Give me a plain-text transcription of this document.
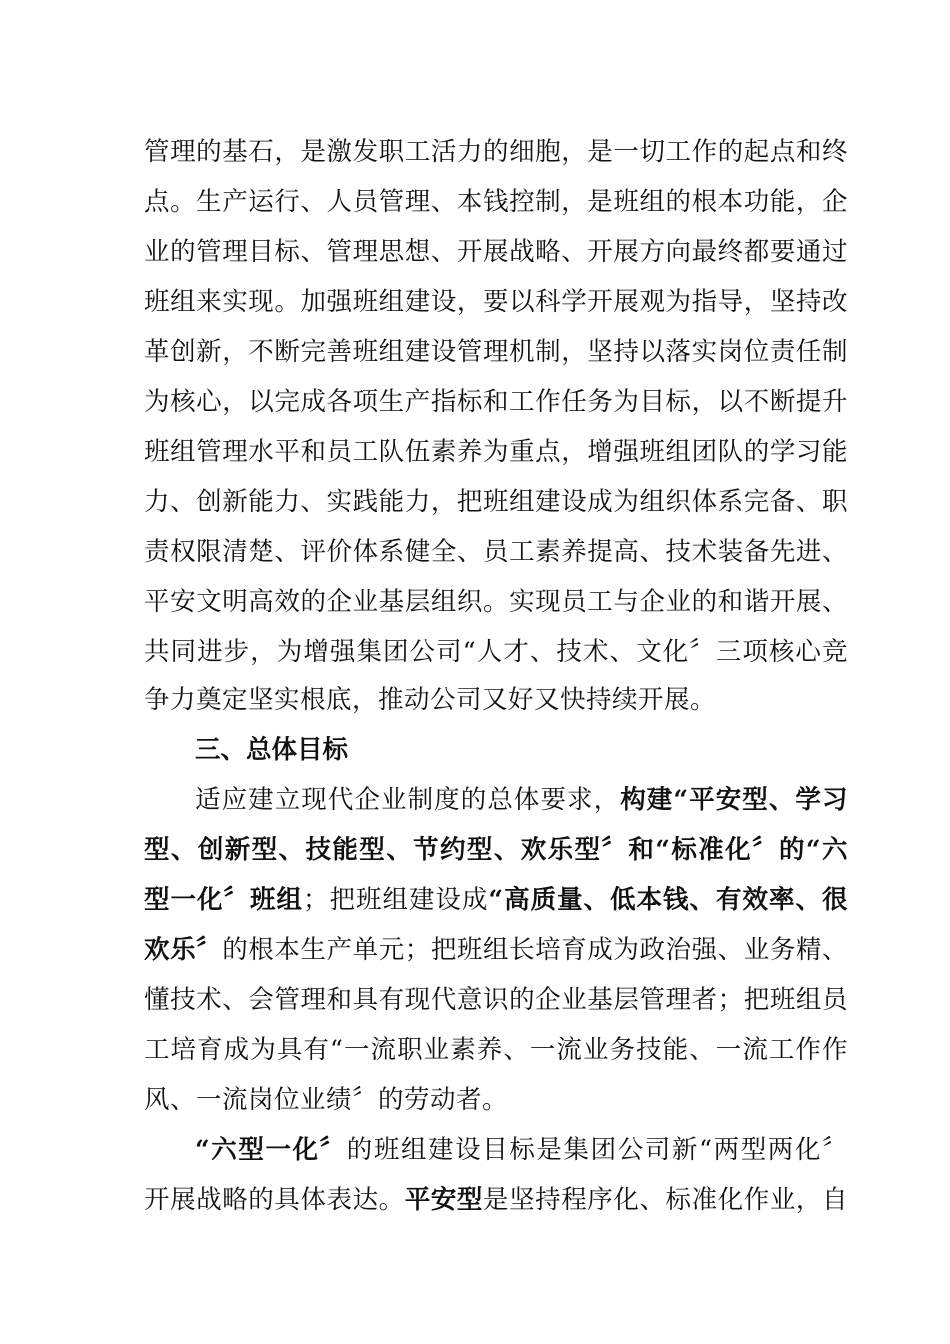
管理的基石，是激发职工活力的细胞，是一切工作的起点和终
点。生产运行、人员管理、本钱控制，是班组的根本功能，企
业的管理目标、管理思想、开展战略、开展方向最终都要通过
班组来实现。加强班组建设，要以科学开展观为指导，坚持改
革创新，不断完善班组建设管理机制，坚持以落实岗位责任制
为核心，以完成各项生产指标和工作任务为目标，以不断提升
班组管理水平和员工队伍素养为重点，增强班组团队的学习能
力、创新能力、实践能力，把班组建设成为组织体系完备、职
责权限清楚、评价体系健全、员工素养提高、技术装备先进、
平安文明高效的企业基层组织。实现员工与企业的和谐开展、
共同进步，为增强集团公司“人才、技术、文化〞三项核心竞
争力奠定坚实根底，推动公司又好又快持续开展。
三、总体目标
适应建立现代企业制度的总体要求，构建“平安型、学习
型、创新型、技能型、节约型、欢乐型〞和“标准化〞的“六
型一化〞班组；把班组建设成“高质量、低本钱、有效率、很
欢乐〞的根本生产单元；把班组长培育成为政治强、业务精、
懂技术、会管理和具有现代意识的企业基层管理者；把班组员
工培育成为具有“一流职业素养、一流业务技能、一流工作作
风、一流岗位业绩〞的劳动者。
“六型一化〞的班组建设目标是集团公司新“两型两化〞
开展战略的具体表达。平安型是坚持程序化、标准化作业，自
